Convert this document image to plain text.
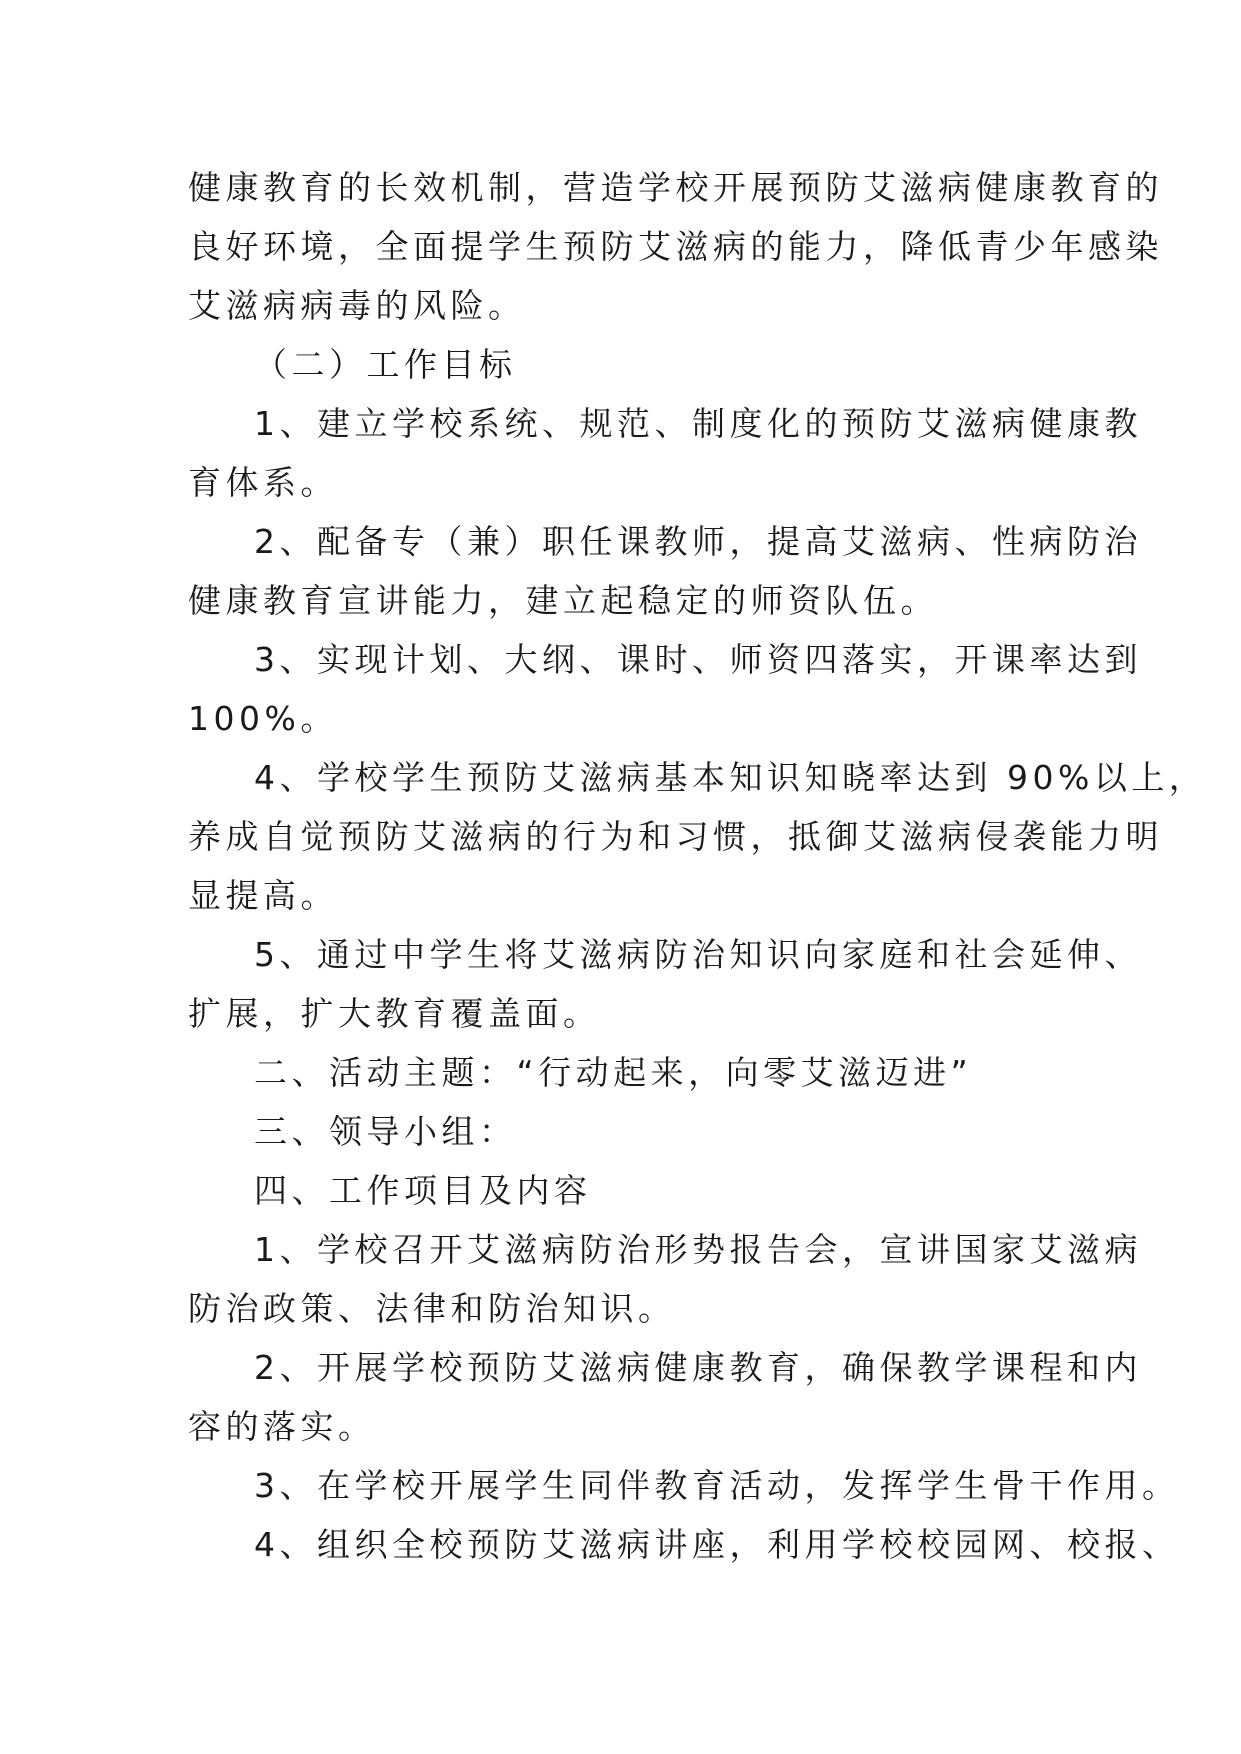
健康教育的长效机制，营造学校开展预防艾滋病健康教育的
良好环境，全面提学生预防艾滋病的能力，降低青少年感染
艾滋病病毒的风险。
（二）工作目标
1、建立学校系统、规范、制度化的预防艾滋病健康教
育体系。
2、配备专（兼）职任课教师，提高艾滋病、性病防治
健康教育宣讲能力，建立起稳定的师资队伍。
3、实现计划、大纲、课时、师资四落实，开课率达到
100%。
4、学校学生预防艾滋病基本知识知晓率达到 90%以上，
养成自觉预防艾滋病的行为和习惯，抵御艾滋病侵袭能力明
显提高。
5、通过中学生将艾滋病防治知识向家庭和社会延伸、
扩展，扩大教育覆盖面。
二、活动主题：“行动起来，向零艾滋迈进”
三、领导小组：
四、工作项目及内容
1、学校召开艾滋病防治形势报告会，宣讲国家艾滋病
防治政策、法律和防治知识。
2、开展学校预防艾滋病健康教育，确保教学课程和内
容的落实。
3、在学校开展学生同伴教育活动，发挥学生骨干作用。
4、组织全校预防艾滋病讲座，利用学校校园网、校报、
